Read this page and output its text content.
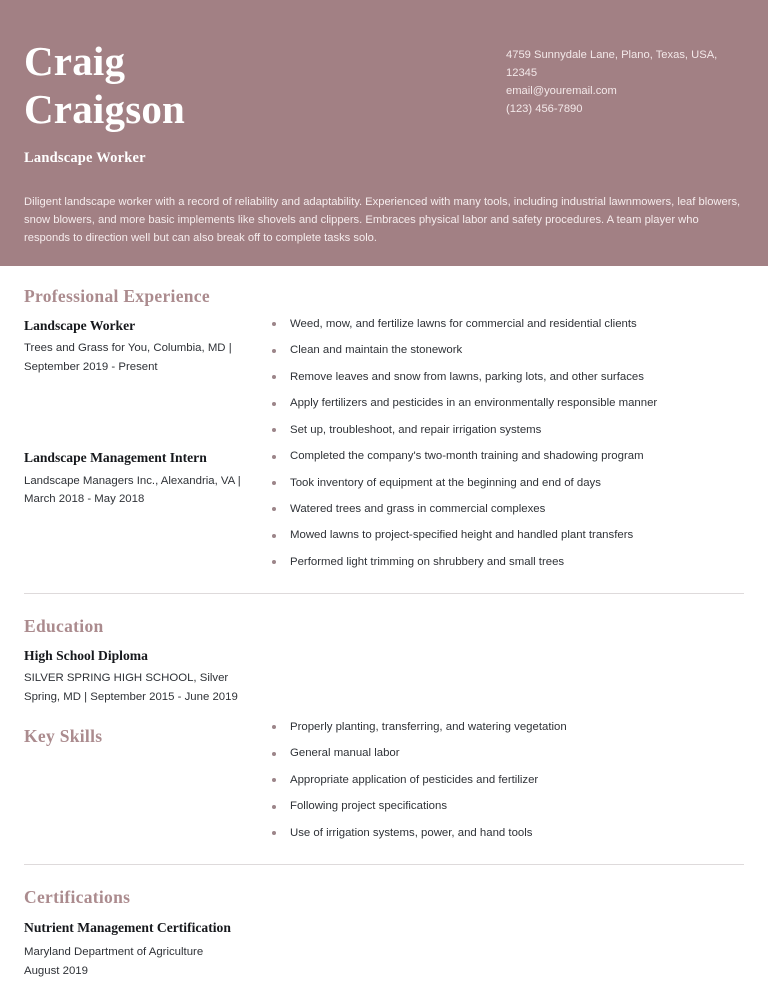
Craig
Craigson
Landscape Worker
4759 Sunnydale Lane, Plano, Texas, USA, 12345
email@youremail.com
(123) 456-7890
Diligent landscape worker with a record of reliability and adaptability. Experienced with many tools, including industrial lawnmowers, leaf blowers, snow blowers, and more basic implements like shovels and clippers. Embraces physical labor and safety procedures. A team player who responds to direction well but can also break off to complete tasks solo.
Professional Experience
Landscape Worker
Trees and Grass for You, Columbia, MD | September 2019 - Present
Weed, mow, and fertilize lawns for commercial and residential clients
Clean and maintain the stonework
Remove leaves and snow from lawns, parking lots, and other surfaces
Apply fertilizers and pesticides in an environmentally responsible manner
Set up, troubleshoot, and repair irrigation systems
Landscape Management Intern
Landscape Managers Inc., Alexandria, VA | March 2018 - May 2018
Completed the company's two-month training and shadowing program
Took inventory of equipment at the beginning and end of days
Watered trees and grass in commercial complexes
Mowed lawns to project-specified height and handled plant transfers
Performed light trimming on shrubbery and small trees
Education
High School Diploma
SILVER SPRING HIGH SCHOOL, Silver Spring, MD | September 2015 - June 2019
Key Skills	Properly planting, transferring, and watering vegetation
General manual labor
Appropriate application of pesticides and fertilizer
Following project specifications
Use of irrigation systems, power, and hand tools
Certifications
Nutrient Management Certification
Maryland Department of Agriculture
August 2019
